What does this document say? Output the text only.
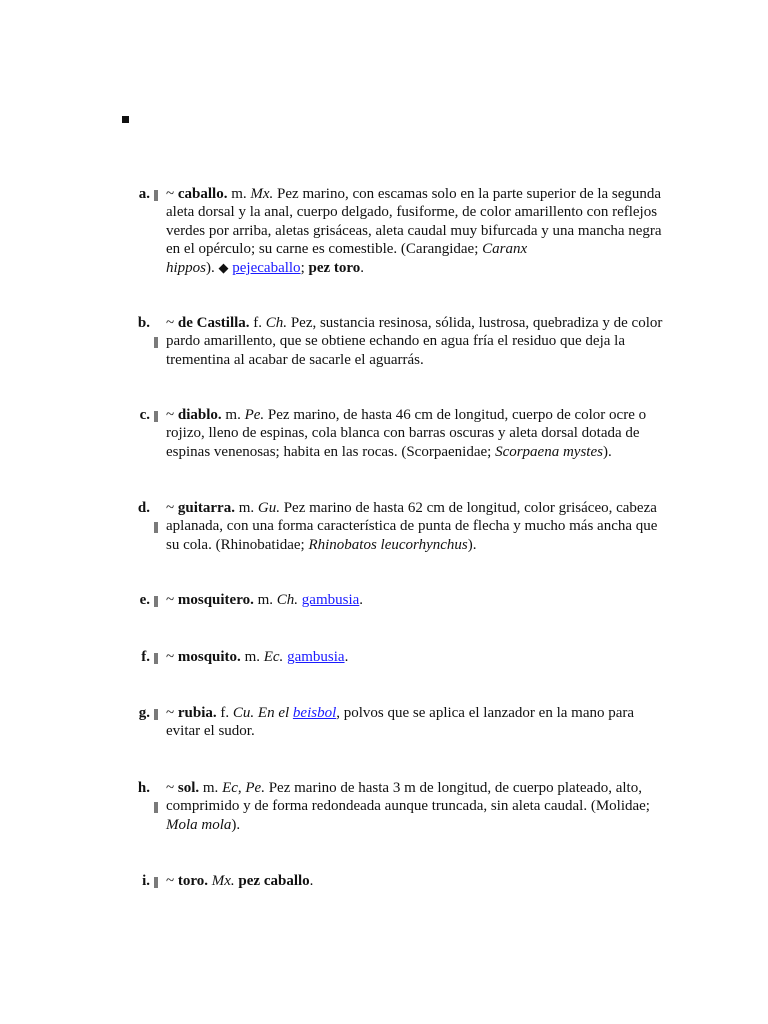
a. ~ caballo. m. Mx. Pez marino, con escamas solo en la parte superior de la segunda aleta dorsal y la anal, cuerpo delgado, fusiforme, de color amarillento con reflejos verdes por arriba, aletas grisáceas, aleta caudal muy bifurcada y una mancha negra en el opérculo; su carne es comestible. (Carangidae; Caranx
hippos). ◆ pejecaballo; pez toro.
b. ~ de Castilla. f. Ch. Pez, sustancia resinosa, sólida, lustrosa, quebradiza y de color pardo amarillento, que se obtiene echando en agua fría el residuo que deja la trementina al acabar de sacarle el aguarrás.
c. ~ diablo. m. Pe. Pez marino, de hasta 46 cm de longitud, cuerpo de color ocre o rojizo, lleno de espinas, cola blanca con barras oscuras y aleta dorsal dotada de espinas venenosas; habita en las rocas. (Scorpaenidae; Scorpaena mystes).
d. ~ guitarra. m. Gu. Pez marino de hasta 62 cm de longitud, color grisáceo, cabeza aplanada, con una forma característica de punta de flecha y mucho más ancha que su cola. (Rhinobatidae; Rhinobatos leucorhynchus).
e. ~ mosquitero. m. Ch. gambusia.
f. ~ mosquito. m. Ec. gambusia.
g. ~ rubia. f. Cu. En el beisbol, polvos que se aplica el lanzador en la mano para evitar el sudor.
h. ~ sol. m. Ec, Pe. Pez marino de hasta 3 m de longitud, de cuerpo plateado, alto, comprimido y de forma redondeada aunque truncada, sin aleta caudal. (Molidae; Mola mola).
i. ~ toro. Mx. pez caballo.
